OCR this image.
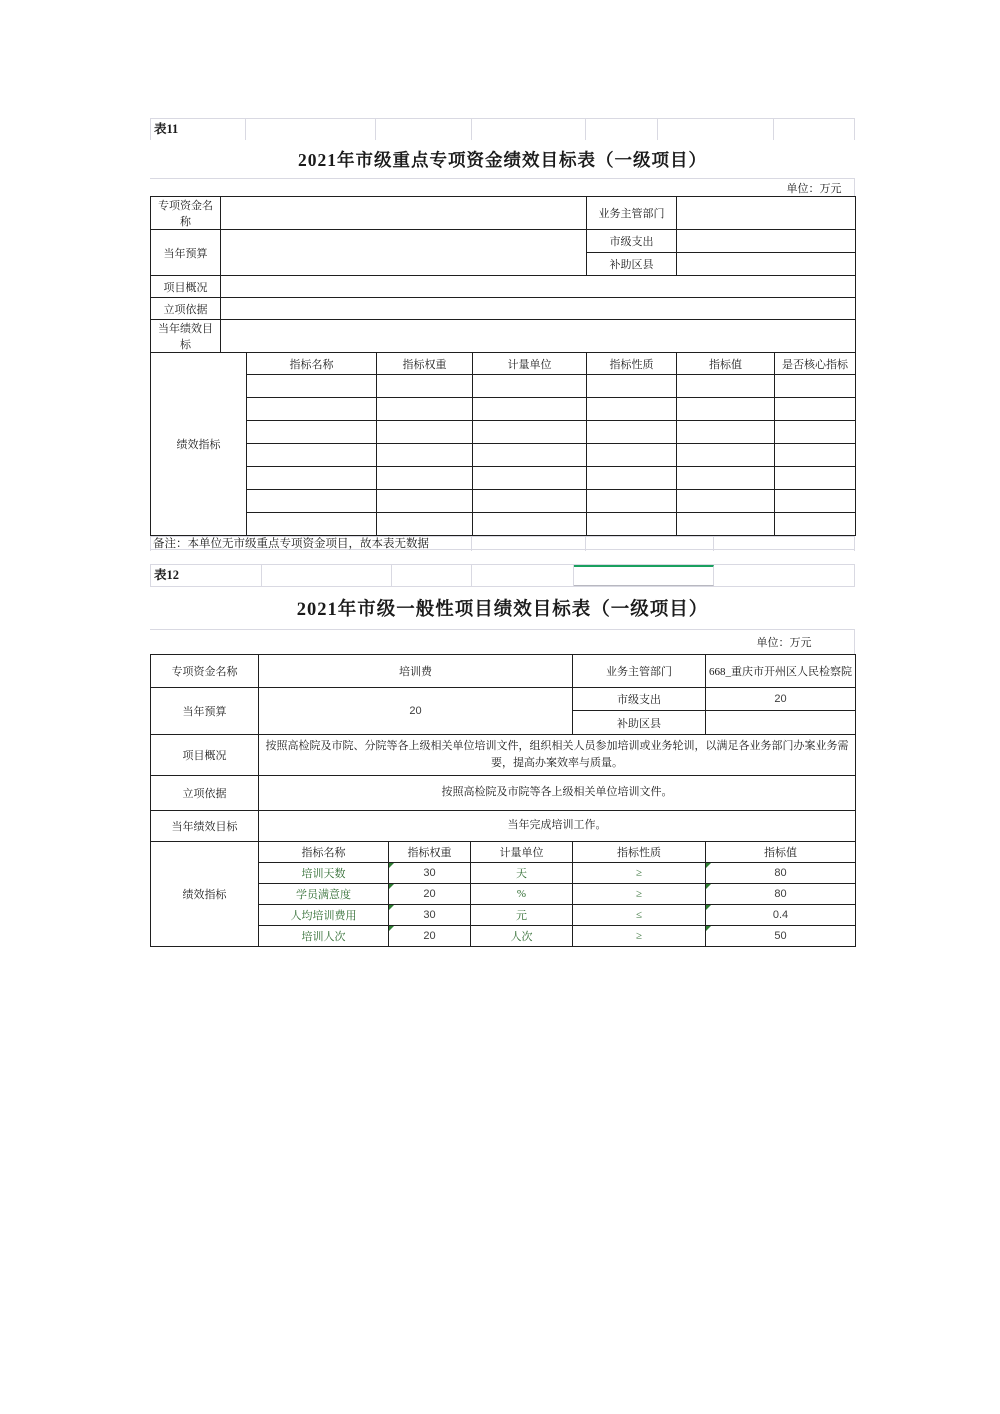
表11
2021年市级重点专项资金绩效目标表（一级项目）
单位：万元
专项资金名称					业务主管部门		
当年预算					市级支出		
					补助区县		
项目概况							
立项依据							
当年绩效目标							
绩效指标		指标名称	指标权重	计量单位	指标性质	指标值	是否核心指标

备注：本单位无市级重点专项资金项目，故本表无数据
表12
2021年市级一般性项目绩效目标表（一级项目）
单位：万元
专项资金名称	培训费			业务主管部门	668_重庆市开州区人民检察院
当年预算	20			市级支出	20
				补助区县	
项目概况	按照高检院及市院、分院等各上级相关单位培训文件，组织相关人员参加培训或业务轮训，以满足各业务部门办案业务需要，提高办案效率与质量。				
立项依据	按照高检院及市院等各上级相关单位培训文件。				
当年绩效目标	当年完成培训工作。				
绩效指标	指标名称	指标权重	计量单位	指标性质	指标值
	培训天数	30	天	≥	80
	学员满意度	20	%	≥	80
	人均培训费用	30	元	≤	0.4
	培训人次	20	人次	≥	50
